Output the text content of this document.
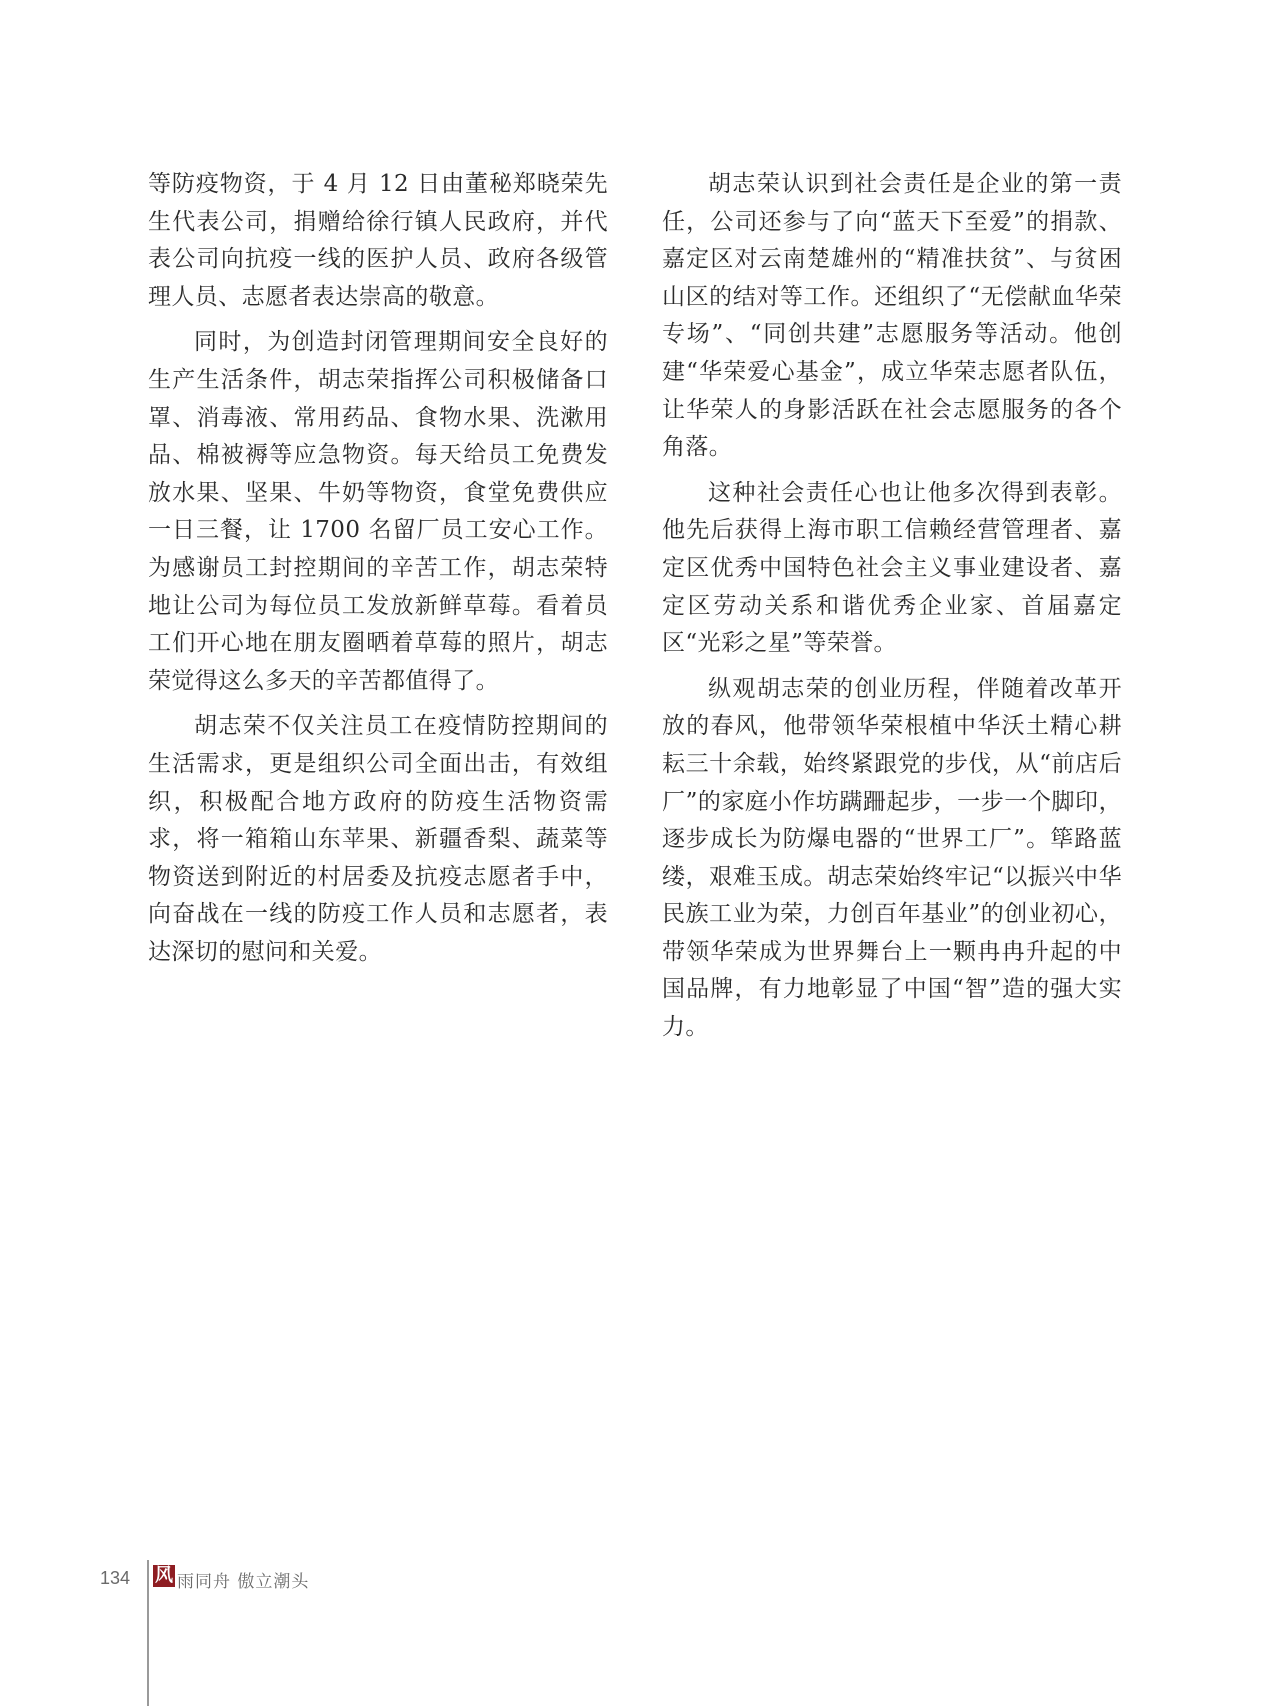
等防疫物资，于 4 月 12 日由董秘郑晓荣先生代表公司，捐赠给徐行镇人民政府，并代表公司向抗疫一线的医护人员、政府各级管理人员、志愿者表达崇高的敬意。

同时，为创造封闭管理期间安全良好的生产生活条件，胡志荣指挥公司积极储备口罩、消毒液、常用药品、食物水果、洗漱用品、棉被褥等应急物资。每天给员工免费发放水果、坚果、牛奶等物资，食堂免费供应一日三餐，让 1700 名留厂员工安心工作。为感谢员工封控期间的辛苦工作，胡志荣特地让公司为每位员工发放新鲜草莓。看着员工们开心地在朋友圈晒着草莓的照片，胡志荣觉得这么多天的辛苦都值得了。

胡志荣不仅关注员工在疫情防控期间的生活需求，更是组织公司全面出击，有效组织，积极配合地方政府的防疫生活物资需求，将一箱箱山东苹果、新疆香梨、蔬菜等物资送到附近的村居委及抗疫志愿者手中，向奋战在一线的防疫工作人员和志愿者，表达深切的慰问和关爱。

胡志荣认识到社会责任是企业的第一责任，公司还参与了向“蓝天下至爱”的捐款、嘉定区对云南楚雄州的“精准扶贫”、与贫困山区的结对等工作。还组织了“无偿献血华荣专场”、“同创共建”志愿服务等活动。他创建“华荣爱心基金”，成立华荣志愿者队伍，让华荣人的身影活跃在社会志愿服务的各个角落。

这种社会责任心也让他多次得到表彰。他先后获得上海市职工信赖经营管理者、嘉定区优秀中国特色社会主义事业建设者、嘉定区劳动关系和谐优秀企业家、首届嘉定区“光彩之星”等荣誉。

纵观胡志荣的创业历程，伴随着改革开放的春风，他带领华荣根植中华沃土精心耕耘三十余载，始终紧跟党的步伐，从“前店后厂”的家庭小作坊蹒跚起步，一步一个脚印，逐步成长为防爆电器的“世界工厂”。筚路蓝缕，艰难玉成。胡志荣始终牢记“以振兴中华民族工业为荣，力创百年基业”的创业初心，带领华荣成为世界舞台上一颗冉冉升起的中国品牌，有力地彰显了中国“智”造的强大实力。

134 风 雨同舟 傲立潮头
